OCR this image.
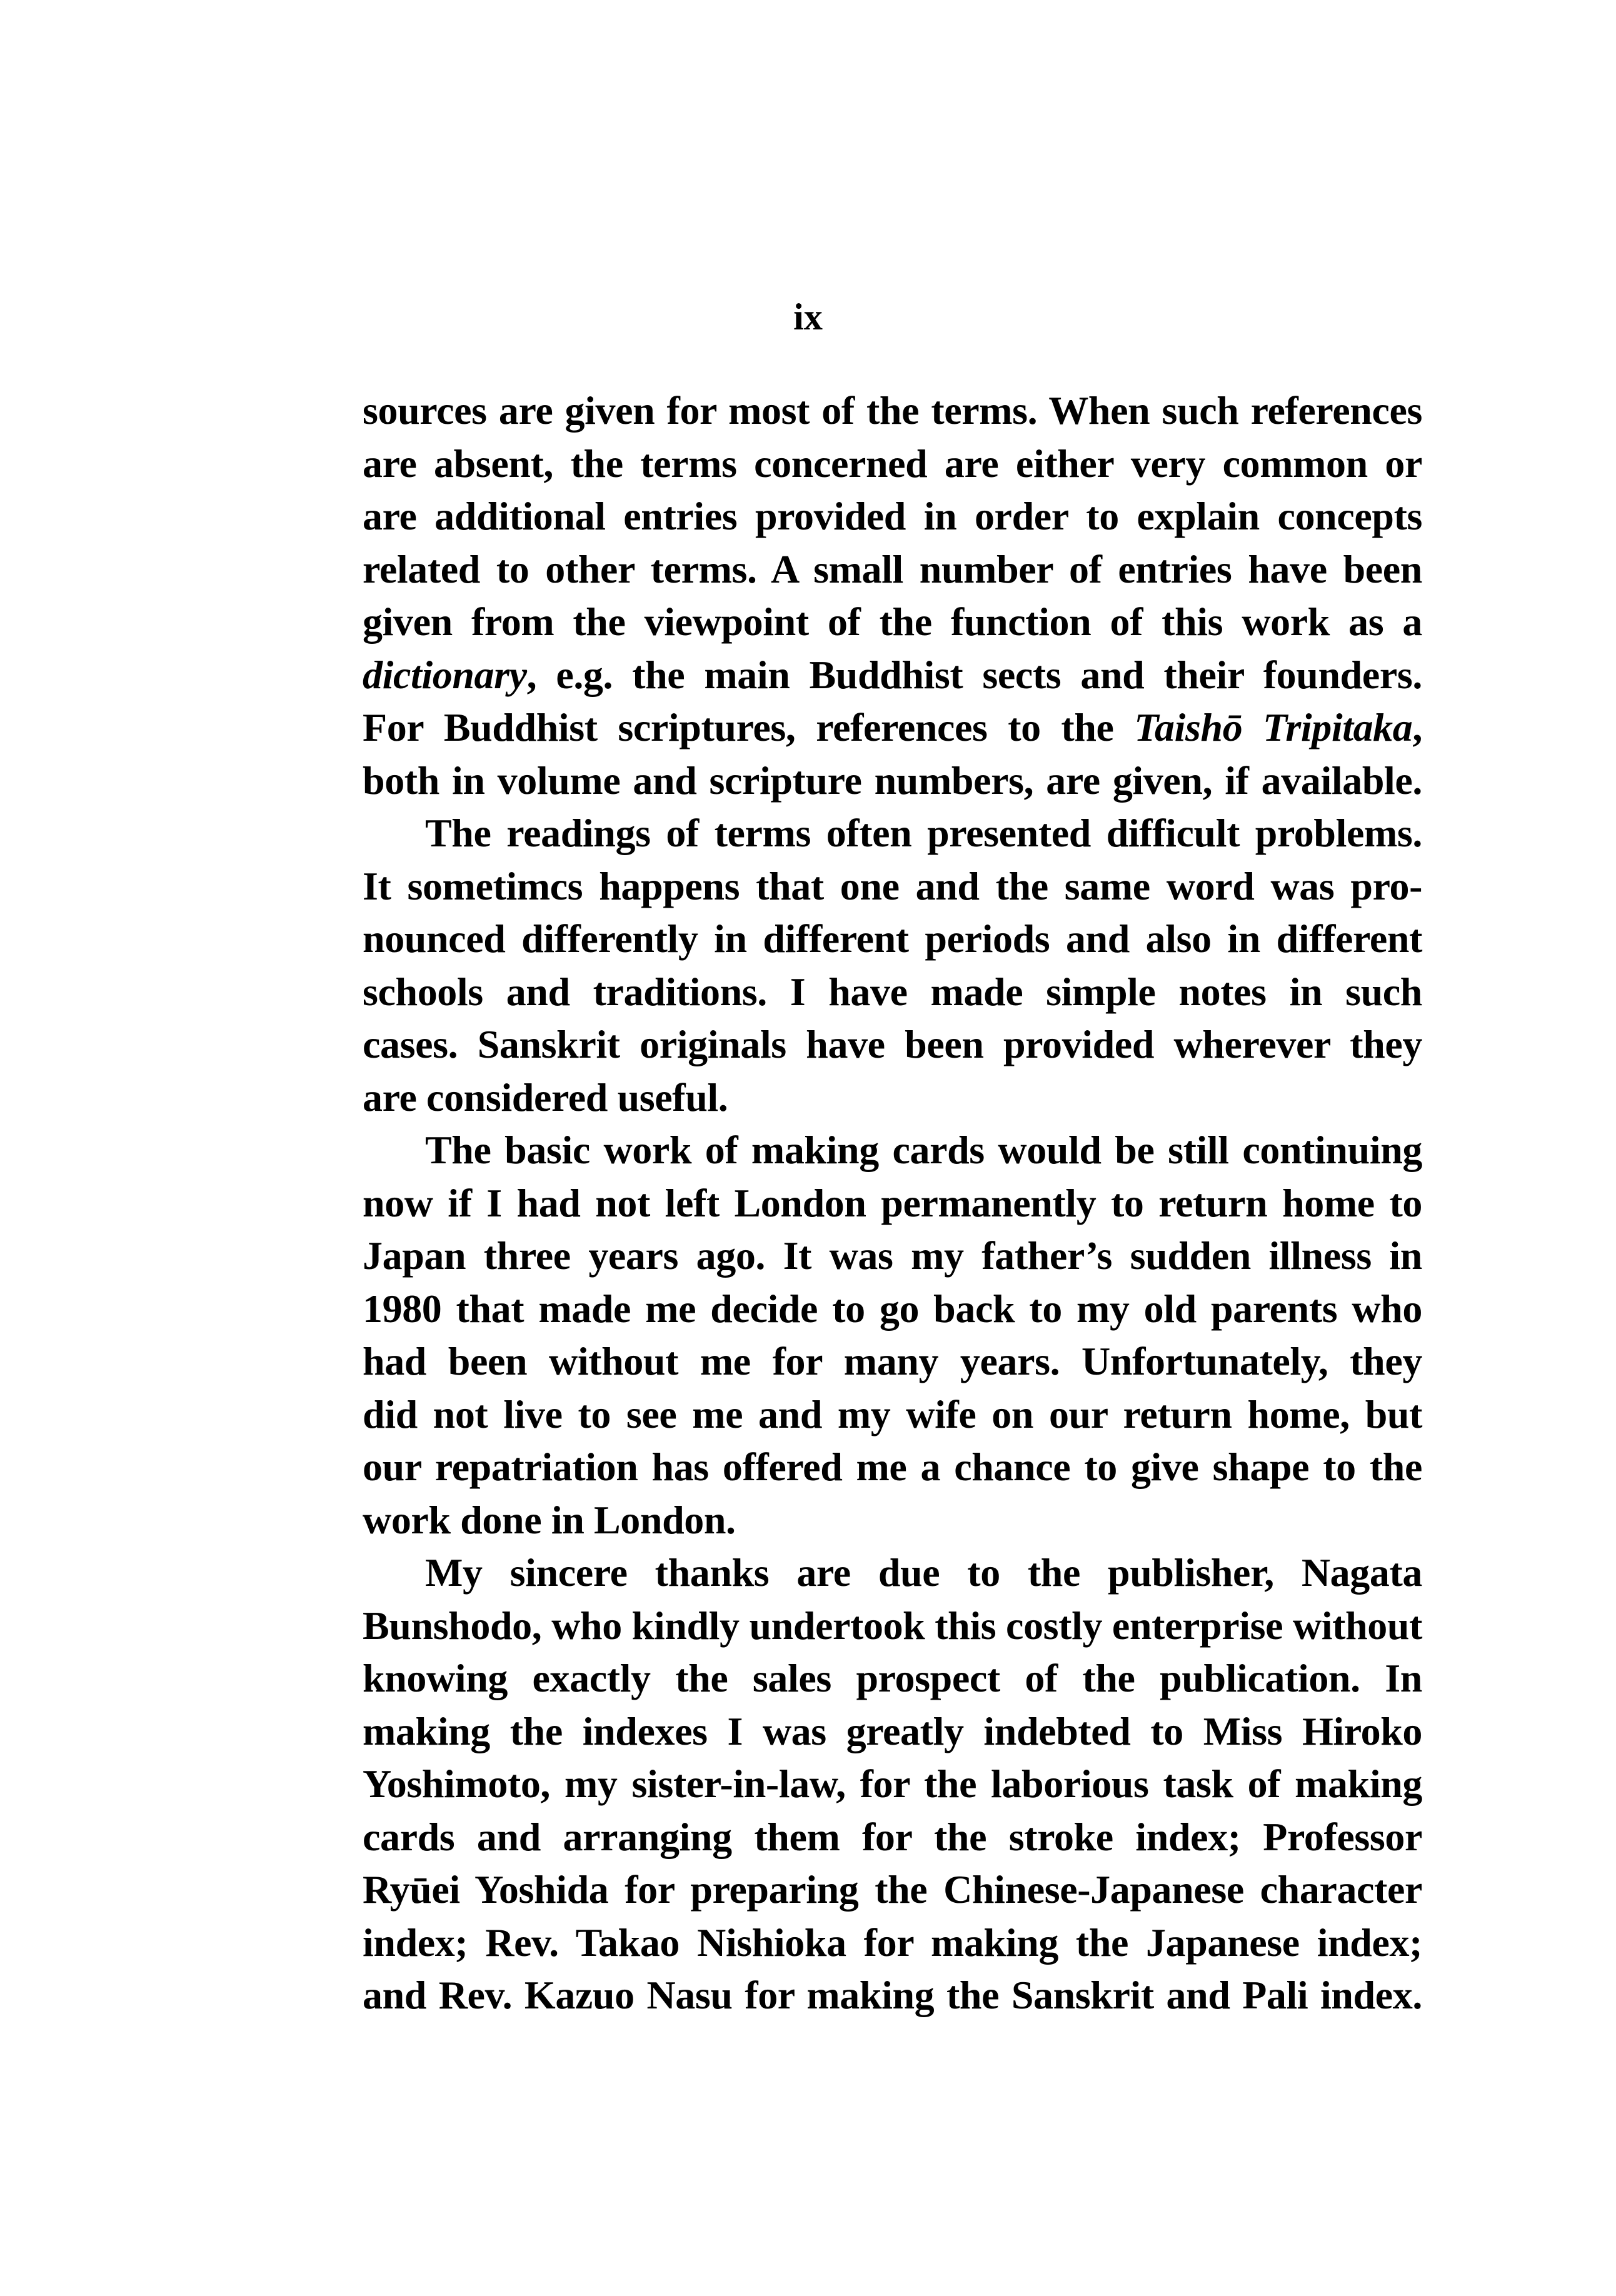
ix
sources are given for most of the terms. When such references
are absent, the terms concerned are either very common or
are additional entries provided in order to explain concepts
related to other terms. A small number of entries have been
given from the viewpoint of the function of this work as a
dictionary, e.g. the main Buddhist sects and their founders.
For Buddhist scriptures, references to the Taishō Tripitaka,
both in volume and scripture numbers, are given, if available.
The readings of terms often presented difficult problems.
It sometimcs happens that one and the same word was pro-
nounced differently in different periods and also in different
schools and traditions. I have made simple notes in such
cases. Sanskrit originals have been provided wherever they
are considered useful.
The basic work of making cards would be still continuing
now if I had not left London permanently to return home to
Japan three years ago. It was my father’s sudden illness in
1980 that made me decide to go back to my old parents who
had been without me for many years. Unfortunately, they
did not live to see me and my wife on our return home, but
our repatriation has offered me a chance to give shape to the
work done in London.
My sincere thanks are due to the publisher, Nagata
Bunshodo, who kindly undertook this costly enterprise without
knowing exactly the sales prospect of the publication. In
making the indexes I was greatly indebted to Miss Hiroko
Yoshimoto, my sister-in-law, for the laborious task of making
cards and arranging them for the stroke index; Professor
Ryūei Yoshida for preparing the Chinese-Japanese character
index; Rev. Takao Nishioka for making the Japanese index;
and Rev. Kazuo Nasu for making the Sanskrit and Pali index.
